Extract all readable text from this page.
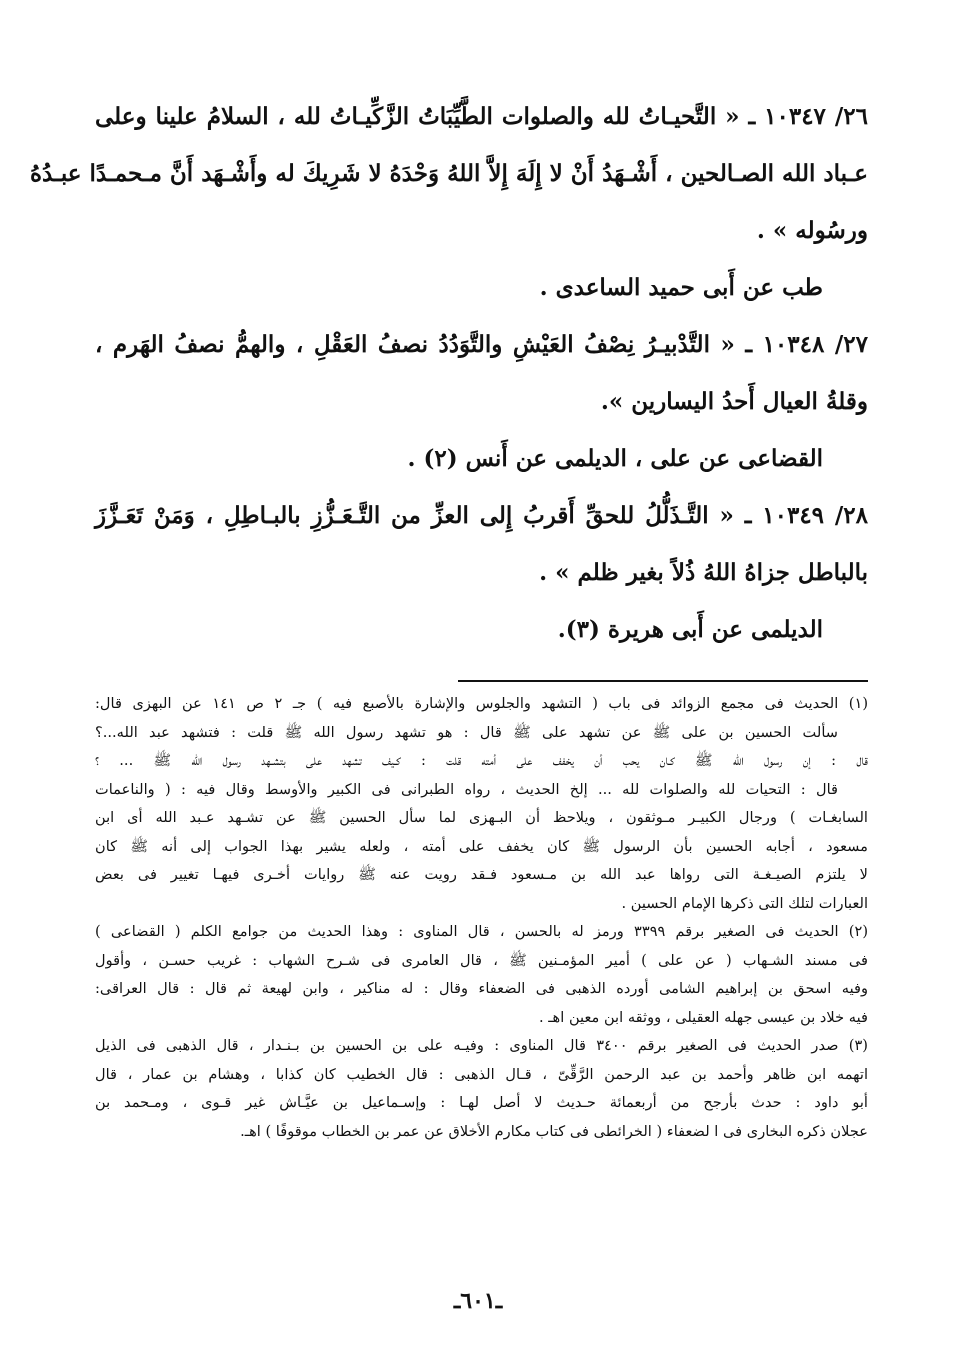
٢٦/ ١٠٣٤٧ ـ « التَّحيـاتُ لله والصلوات الطَّيِّبَاتُ الزَّكِّيـاتُ لله ، السلامُ علينا وعلى

عـباد الله الصـالحين ، أَشْـهَدُ أَنْ لا إِلَهَ إِلاَّ اللهُ وَحْدَهُ لا شَرِيكَ له وأَشْـهَد أَنَّ مـحمـدًا عبـدُهُ

ورسُوله » .

طب عن أَبى حميد الساعدى .

٢٧/ ١٠٣٤٨ ـ « التَّدْبيـرُ نِصْفُ العَيْشِ والتَّوَدُدُ نصفُ العَقْلِ ، والهمُّ نصفُ الهَرم ،

وقلةُ العيال أَحدُ اليسارين ».

القضاعى عن على ، الديلمى عن أَنس (٢) .

٢٨/ ١٠٣٤٩ ـ « التَّـذَلُّلُ للحقِّ أَقربُ إِلى العزِّ من التَّـعَـزُّزِ بالبـاطِلِ ، وَمَنْ تَعَـزَّزَ

بالباطل جزاهُ اللهُ ذُلاً بغير ظلم » .

الديلمى عن أَبى هريرة (٣).

(١) الحديث فى مجمع الزوائد فى باب ( التشهد والجلوس والإشارة بالأصبع فيه ) جـ ٢ ص ١٤١ عن البهزى قال:

سألت الحسين بن على ﷺ عن تشهد على ﷺ قال : هو تشهد رسول الله ﷺ قلت : فتشهد عبد الله...؟

قال : إن رسول الله ﷺ كـان يحب أن يخفف على أمته قلت : كـيف تشهد على بتشـهد رسول الله ﷺ ... ؟

قال : التحيات لله والصلوات لله ... إلخ الحديث ، رواه الطبرانى فى الكبير والأوسط وقال فيه : ( والناعمات

السابغـات ) ورجال الكبيـر مـوثقون ، ويلاحظ أن البـهزى لما سأل الحسين ﷺ عن تشـهد عـبد الله أى ابن

مسعود ، أجابه الحسين بأن الرسول ﷺ كان يخفف على أمته ، ولعله يشير بهذا الجواب إلى أنه ﷺ كان

لا يلتزم الصيـغـة التى رواها عبد الله بن مـسعود فـقد رويت عنه ﷺ روايات أخـرى فيهـا تغيير فى بعض

العبارات لتلك التى ذكرها الإمام الحسين .

(٢) الحديث فى الصغير برقم ٣٣٩٩ ورمز له بالحسن ، قال المناوى : وهذا الحديث من جوامع الكلم ( القضاعى )

فى مسند الشـهاب ( عن على ) أمير المؤمـنين ﷺ ، قال العامرى فى شـرح الشهاب : غريب حسـن ، وأقول

وفيه اسحق بن إبراهيم الشامى أورده الذهبى فى الضعفاء وقال : له مناكير ، وابن لهيعة ثم قال : قال العراقى:

فيه خلاد بن عيسى جهله العقيلى ، ووثقه ابن معين اهـ .

(٣) صدر الحديث فى الصغير برقم ٣٤٠٠ قال المناوى : وفيـه على بن الحسين بن بـنـدار ، قال الذهبى فى الذيل

اتهمه ابن ظاهر وأحمد بن عبد الرحمن الرَّقِّىّ ، قـال الذهبى : قال الخطيب كان كذابا ، وهشام بن عمار ، قال

أبو داود : حدث بأرجح من أربعمائة حـديث لا أصل لهـا : وإسـماعيل بن عيَّـاش غير قـوى ، ومـحمد بن

عجلان ذكره البخارى فى ا لضعفاء ( الخرائطى فى كتاب مكارم الأخلاق عن عمر بن الخطاب موقوفًا ) اهـ.

ـ٦٠١ـ
